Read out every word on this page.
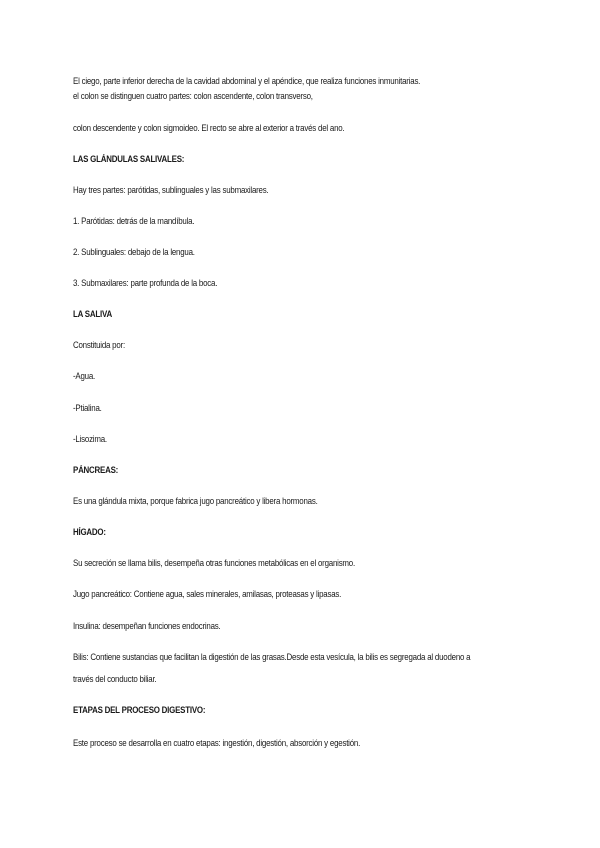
El ciego, parte inferior derecha de la cavidad abdominal y el apéndice, que realiza funciones inmunitarias.
el colon se distinguen cuatro partes: colon ascendente, colon transverso,
colon descendente y colon sigmoideo. El recto se abre al exterior a través del ano.
LAS GLÁNDULAS SALIVALES:
Hay tres partes: parótidas, sublinguales y las submaxilares.
1. Parótidas: detrás de la mandíbula.
2. Sublinguales: debajo de la lengua.
3. Submaxilares: parte profunda de la boca.
LA SALIVA
Constituida por:
-Agua.
-Ptialina.
-Lisozima.
PÁNCREAS:
Es una glándula mixta, porque fabrica jugo pancreático y libera hormonas.
HÍGADO:
Su secreción se llama bilis, desempeña otras funciones metabólicas en el organismo.
Jugo pancreático: Contiene agua, sales minerales, amilasas, proteasas y lipasas.
Insulina: desempeñan funciones endocrinas.
Bilis: Contiene sustancias que facilitan la digestión de las grasas.Desde esta vesícula, la bilis es segregada al duodeno a
través del conducto biliar.
ETAPAS DEL PROCESO DIGESTIVO:
Este proceso se desarrolla en cuatro etapas: ingestión, digestión, absorción y egestión.
